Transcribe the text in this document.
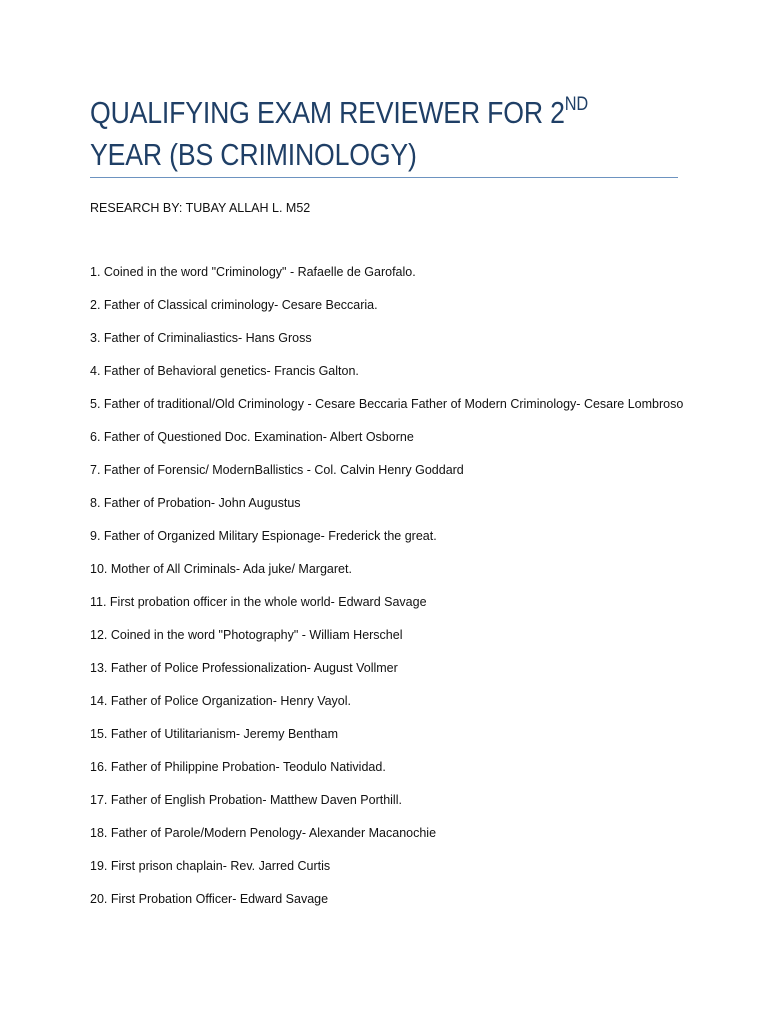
QUALIFYING EXAM REVIEWER FOR 2ND
YEAR (BS CRIMINOLOGY)

RESEARCH BY: TUBAY ALLAH L. M52

1. Coined in the word "Criminology" - Rafaelle de Garofalo.
2. Father of Classical criminology- Cesare Beccaria.
3. Father of Criminaliastics- Hans Gross
4. Father of Behavioral genetics- Francis Galton.
5. Father of traditional/Old Criminology - Cesare Beccaria Father of Modern Criminology- Cesare Lombroso
6. Father of Questioned Doc. Examination- Albert Osborne
7. Father of Forensic/ ModernBallistics - Col. Calvin Henry Goddard
8. Father of Probation- John Augustus
9. Father of Organized Military Espionage- Frederick the great.
10. Mother of All Criminals- Ada juke/ Margaret.
11. First probation officer in the whole world- Edward Savage
12. Coined in the word "Photography" - William Herschel
13. Father of Police Professionalization- August Vollmer
14. Father of Police Organization- Henry Vayol.
15. Father of Utilitarianism- Jeremy Bentham
16. Father of Philippine Probation- Teodulo Natividad.
17. Father of English Probation- Matthew Daven Porthill.
18. Father of Parole/Modern Penology- Alexander Macanochie
19. First prison chaplain- Rev. Jarred Curtis
20. First Probation Officer- Edward Savage
